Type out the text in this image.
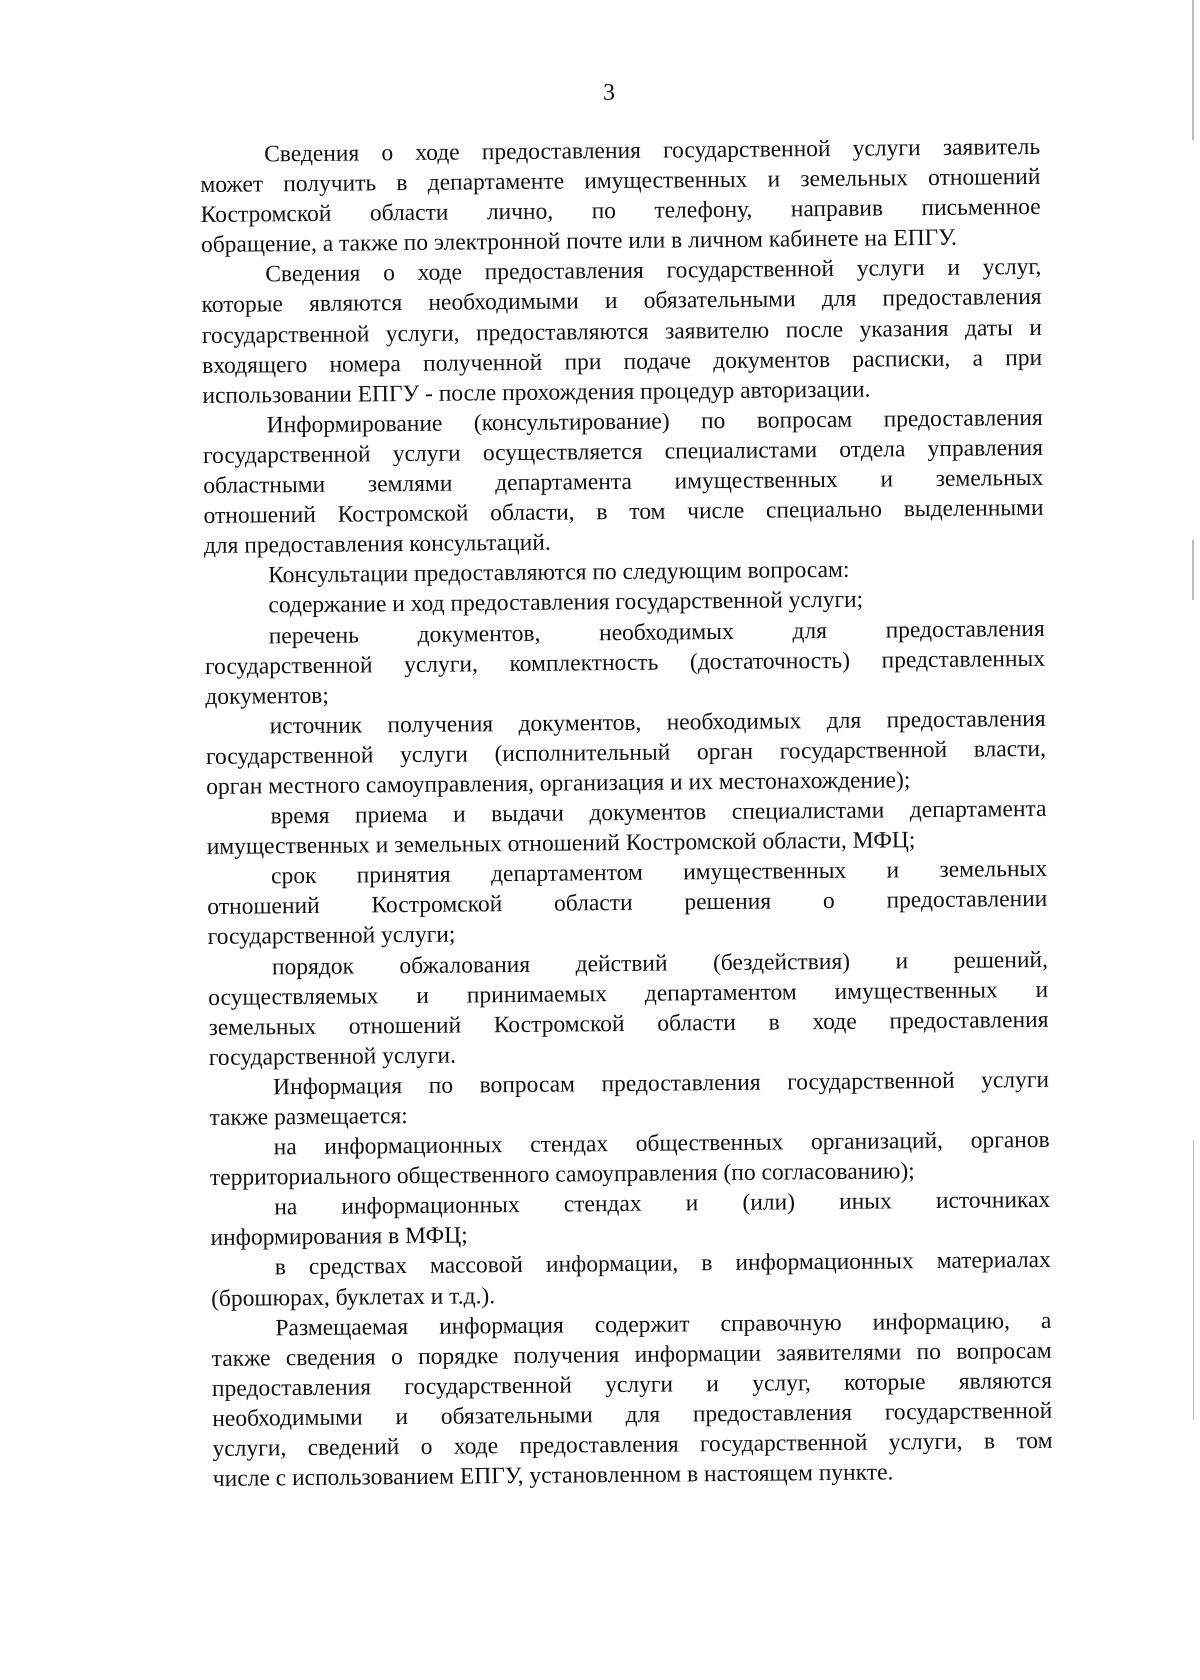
3
Сведения о ходе предоставления государственной услуги заявитель
может получить в департаменте имущественных и земельных отношений
Костромской области лично, по телефону, направив письменное
обращение, а также по электронной почте или в личном кабинете на ЕПГУ.
Сведения о ходе предоставления государственной услуги и услуг,
которые являются необходимыми и обязательными для предоставления
государственной услуги, предоставляются заявителю после указания даты и
входящего номера полученной при подаче документов расписки, а при
использовании ЕПГУ - после прохождения процедур авторизации.
Информирование (консультирование) по вопросам предоставления
государственной услуги осуществляется специалистами отдела управления
областными землями департамента имущественных и земельных
отношений Костромской области, в том числе специально выделенными
для предоставления консультаций.
Консультации предоставляются по следующим вопросам:
содержание и ход предоставления государственной услуги;
перечень документов, необходимых для предоставления
государственной услуги, комплектность (достаточность) представленных
документов;
источник получения документов, необходимых для предоставления
государственной услуги (исполнительный орган государственной власти,
орган местного самоуправления, организация и их местонахождение);
время приема и выдачи документов специалистами департамента
имущественных и земельных отношений Костромской области, МФЦ;
срок принятия департаментом имущественных и земельных
отношений Костромской области решения о предоставлении
государственной услуги;
порядок обжалования действий (бездействия) и решений,
осуществляемых и принимаемых департаментом имущественных и
земельных отношений Костромской области в ходе предоставления
государственной услуги.
Информация по вопросам предоставления государственной услуги
также размещается:
на информационных стендах общественных организаций, органов
территориального общественного самоуправления (по согласованию);
на информационных стендах и (или) иных источниках
информирования в МФЦ;
в средствах массовой информации, в информационных материалах
(брошюрах, буклетах и т.д.).
Размещаемая информация содержит справочную информацию, а
также сведения о порядке получения информации заявителями по вопросам
предоставления государственной услуги и услуг, которые являются
необходимыми и обязательными для предоставления государственной
услуги, сведений о ходе предоставления государственной услуги, в том
числе с использованием ЕПГУ, установленном в настоящем пункте.
